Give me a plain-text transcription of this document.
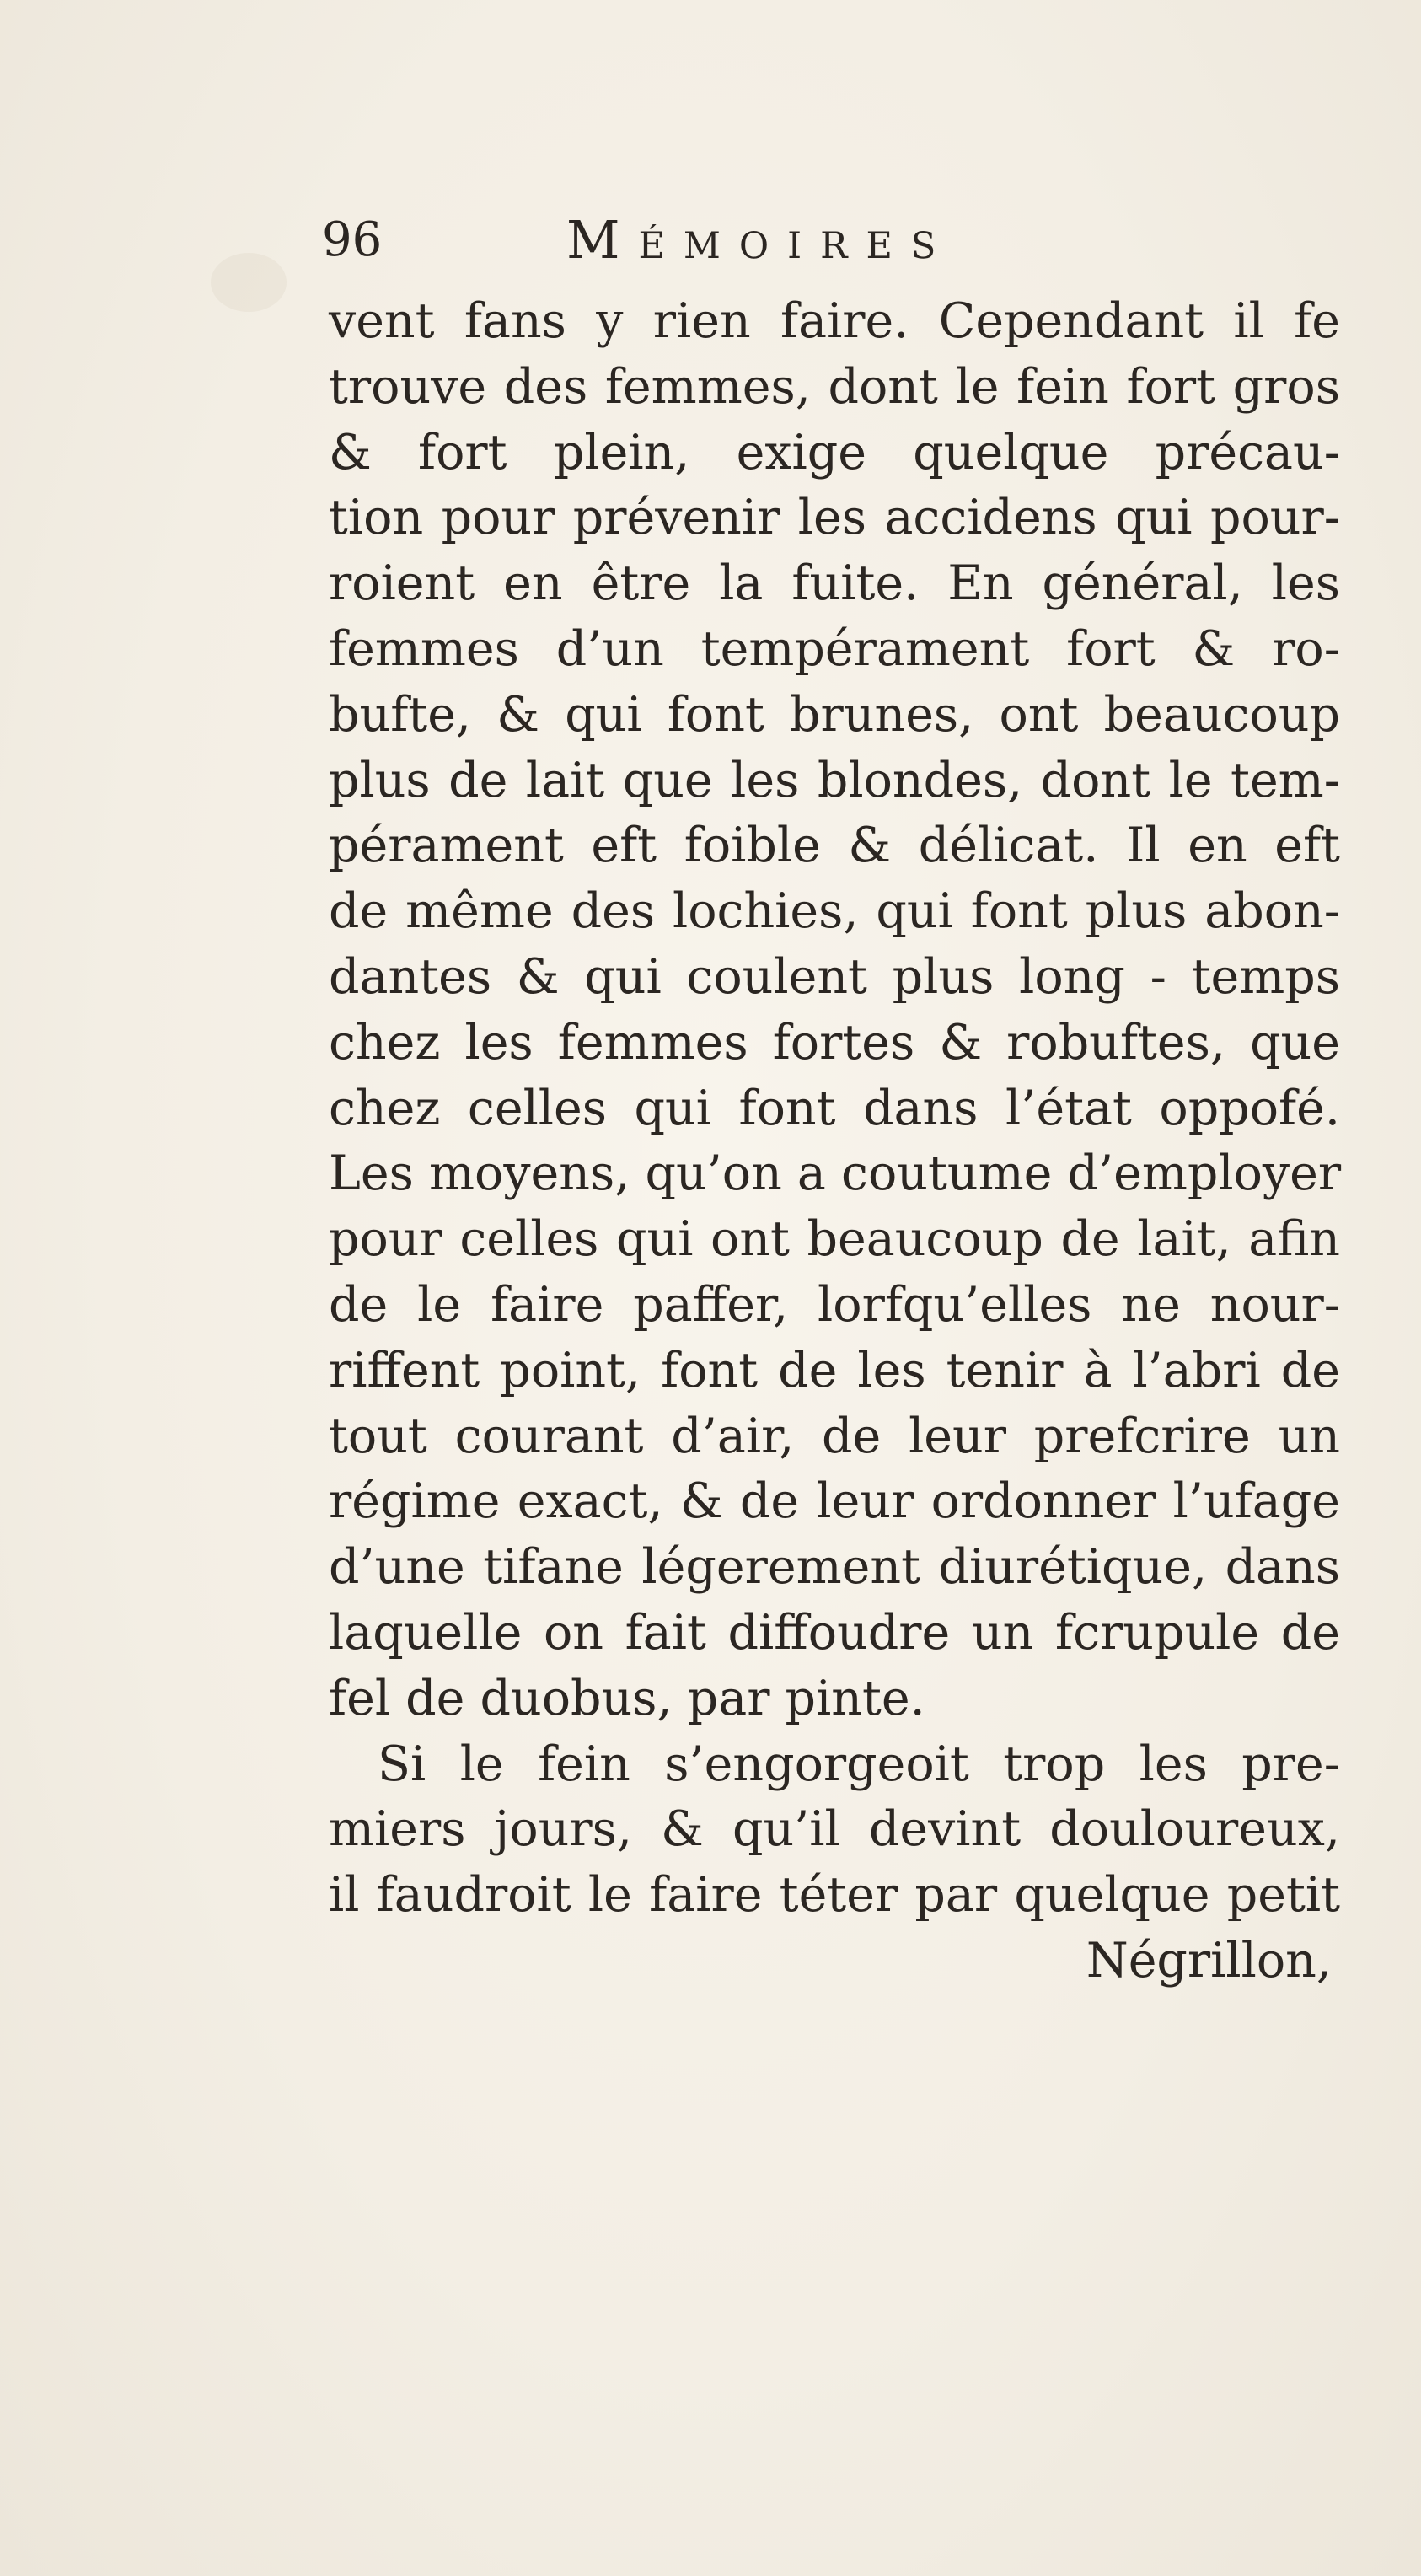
96	Mémoires
vent fans y rien faire. Cependant il fe
trouve des femmes, dont le fein fort gros
& fort plein, exige quelque précau-
tion pour prévenir les accidens qui pour-
roient en être la fuite. En général, les
femmes d’un tempérament fort & ro-
bufte, & qui font brunes, ont beaucoup
plus de lait que les blondes, dont le tem-
pérament eft foible & délicat. Il en eft
de même des lochies, qui font plus abon-
dantes & qui coulent plus long - temps
chez les femmes fortes & robuftes, que
chez celles qui font dans l’état oppofé.
Les moyens, qu’on a coutume d’employer
pour celles qui ont beaucoup de lait, afin
de le faire paffer, lorfqu’elles ne nour-
riffent point, font de les tenir à l’abri de
tout courant d’air, de leur prefcrire un
régime exact, & de leur ordonner l’ufage
d’une tifane légerement diurétique, dans
laquelle on fait diffoudre un fcrupule de
fel de duobus, par pinte.
Si le fein s’engorgeoit trop les pre-
miers jours, & qu’il devint douloureux,
il faudroit le faire téter par quelque petit
Négrillon,
